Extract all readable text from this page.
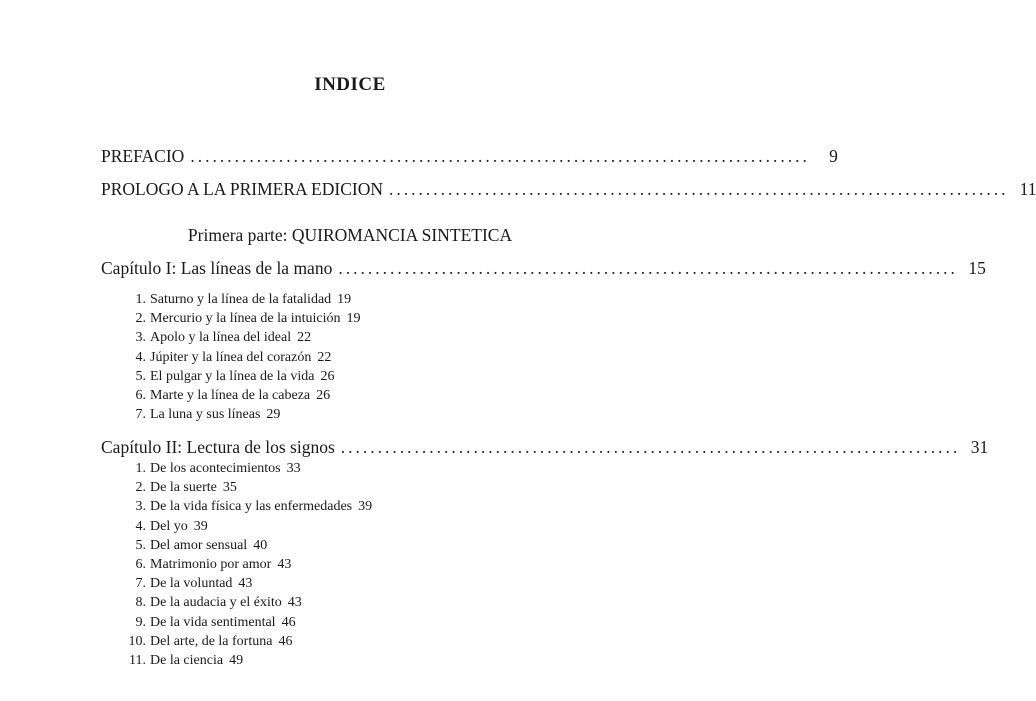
INDICE
PREFACIO ....................................................................................	9
PROLOGO A LA PRIMERA EDICION .................................................................................... 11
Primera parte: QUIROMANCIA SINTETICA
Capítulo I: Las líneas de la mano .................................................................................... 15
1. Saturno y la línea de la fatalidad 19
2. Mercurio y la línea de la intuición 19
3. Apolo y la línea del ideal 22
4. Júpiter y la línea del corazón 22
5. El pulgar y la línea de la vida 26
6. Marte y la línea de la cabeza 26
7. La luna y sus líneas 29
Capítulo II: Lectura de los signos .................................................................................... 31
1. De los acontecimientos 33
2. De la suerte 35
3. De la vida física y las enfermedades 39
4. Del yo 39
5. Del amor sensual 40
6. Matrimonio por amor 43
7. De la voluntad 43
8. De la audacia y el éxito 43
9. De la vida sentimental 46
10. Del arte, de la fortuna 46
11. De la ciencia 49
